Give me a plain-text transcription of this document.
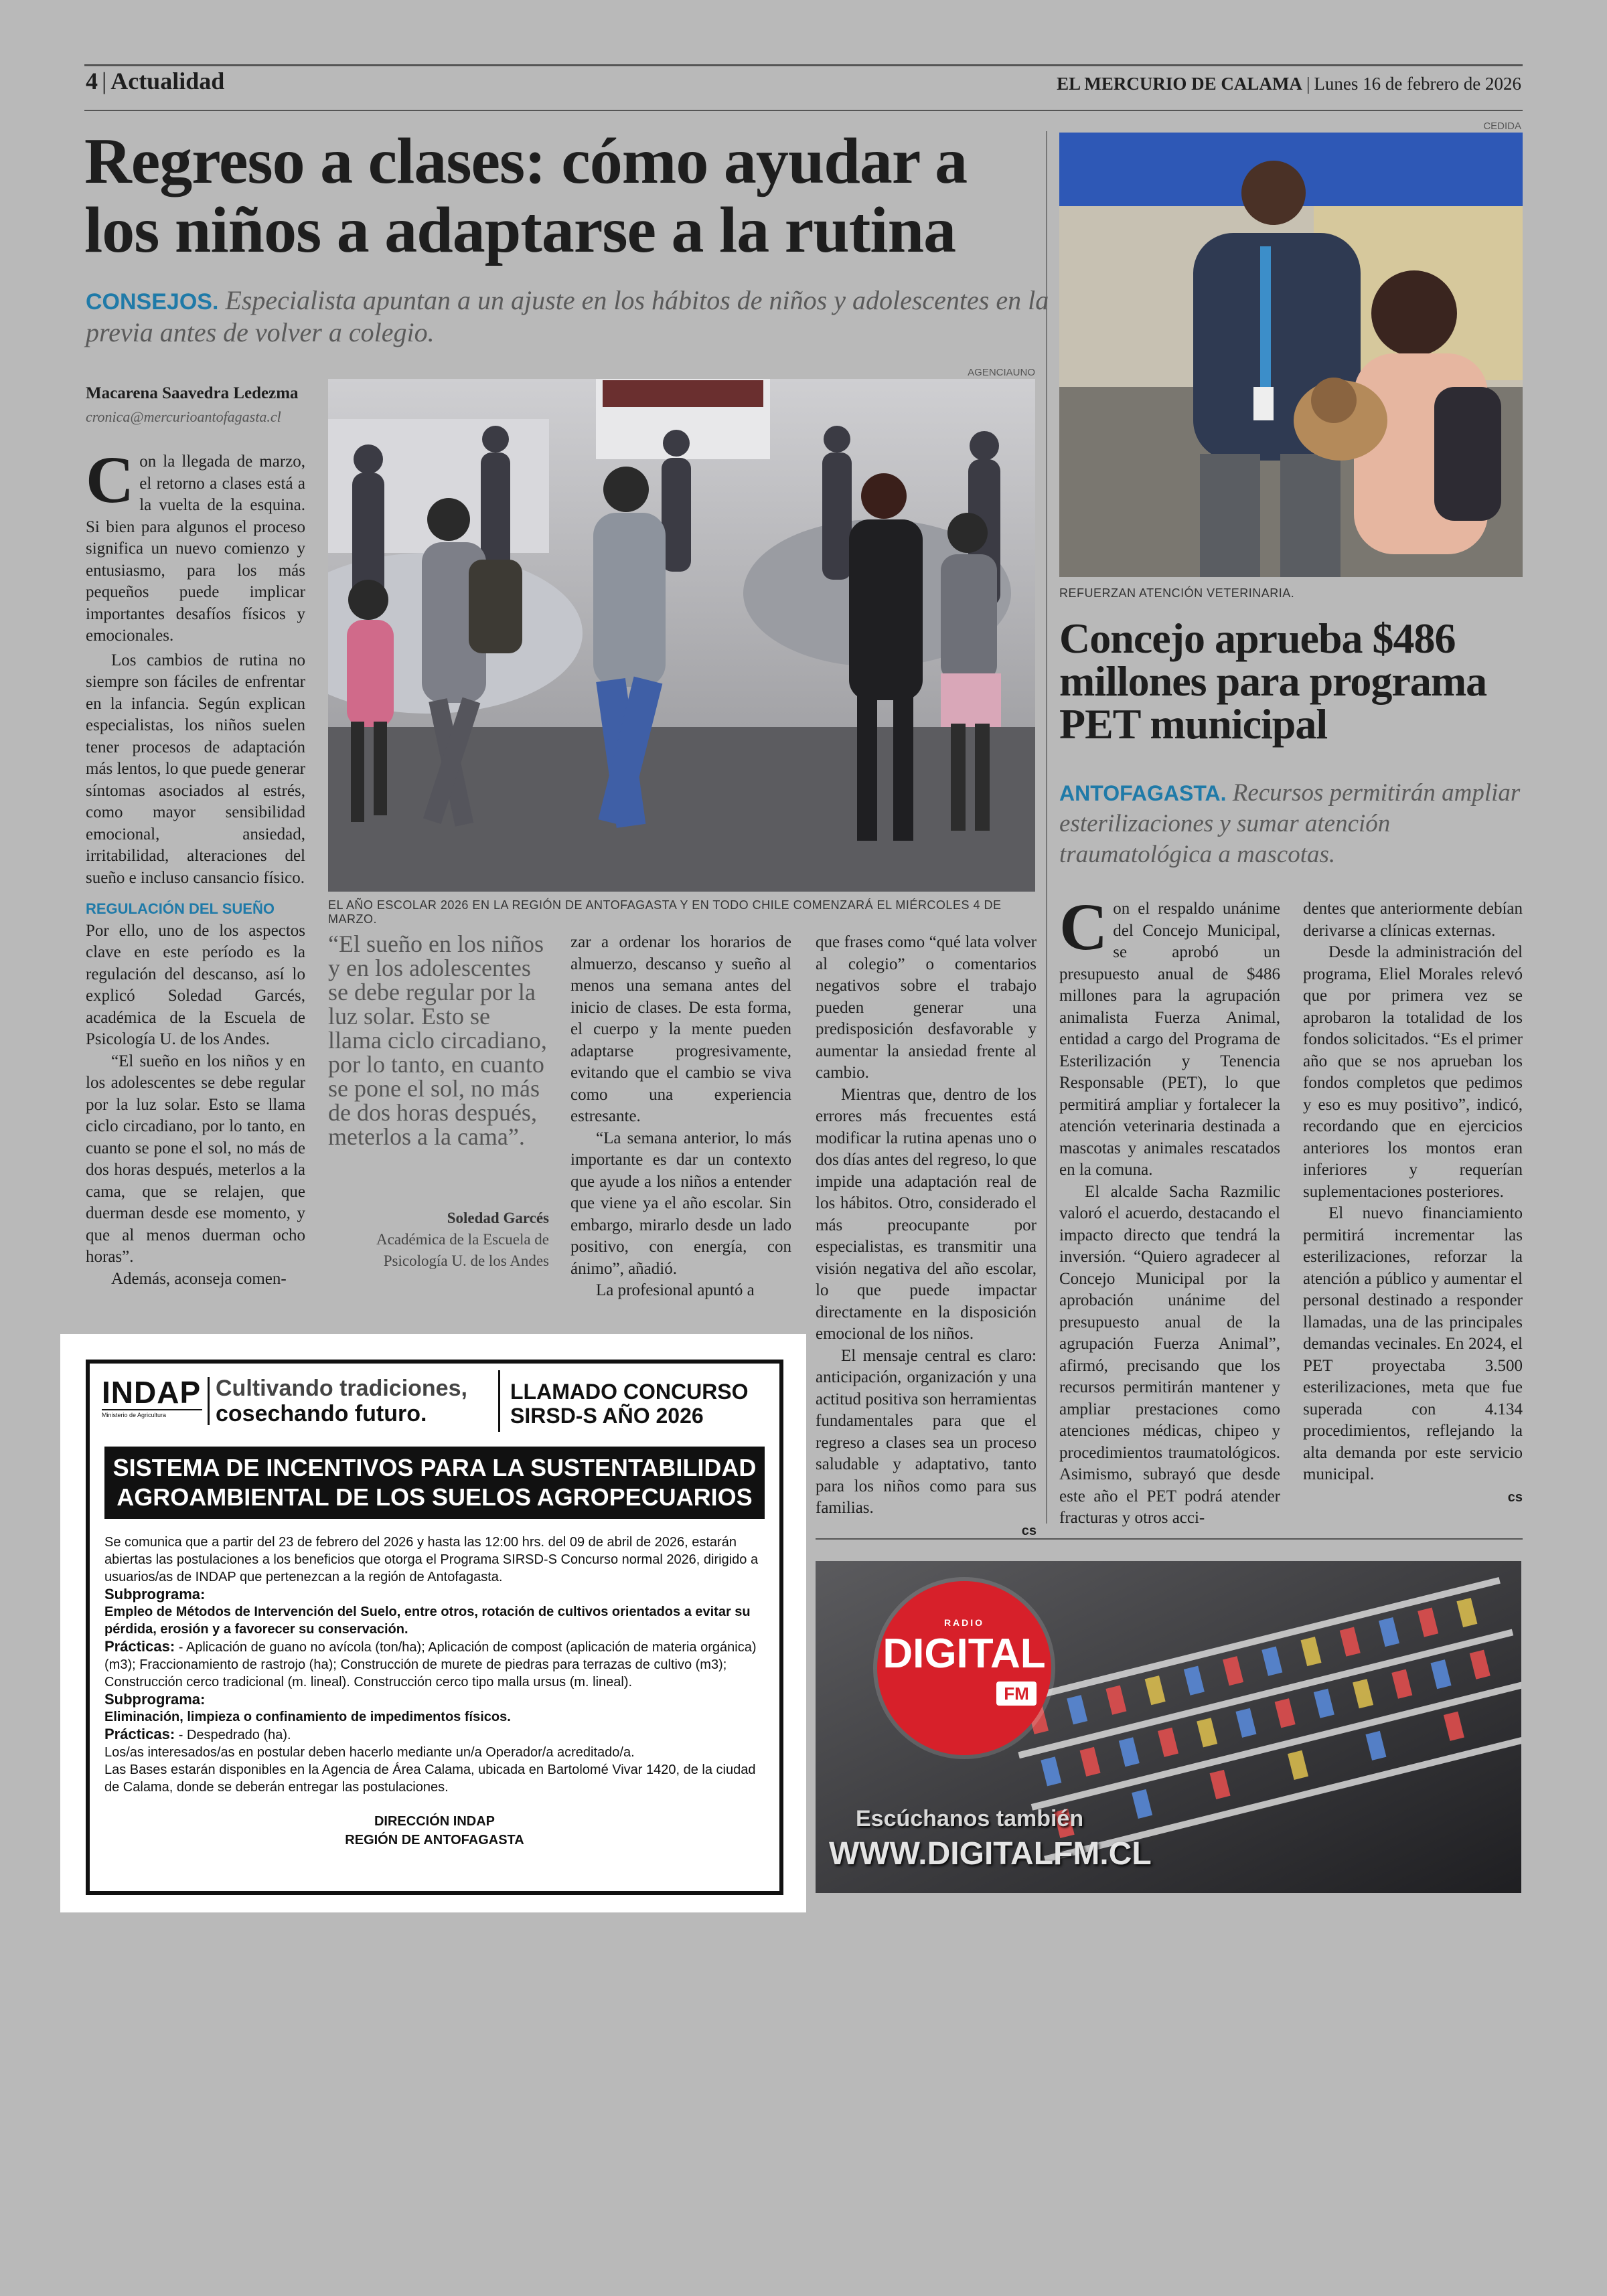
4 | Actualidad	EL MERCURIO DE CALAMA | Lunes 16 de febrero de 2026
Regreso a clases: cómo ayudar a
los niños a adaptarse a la rutina
CONSEJOS. Especialista apuntan a un ajuste en los hábitos de niños y adolescentes en la previa antes de volver a colegio.
Macarena Saavedra Ledezma
cronica@mercurioantofagasta.cl
AGENCIAUNO
EL AÑO ESCOLAR 2026 EN LA REGIÓN DE ANTOFAGASTA Y EN TODO CHILE COMENZARÁ EL MIÉRCOLES 4 DE MARZO.

Con la llegada de marzo, el retorno a clases está a la vuelta de la esquina. Si bien para algunos el proceso significa un nuevo comienzo y entusiasmo, para los más pequeños puede implicar importantes desafíos físicos y emocionales.

Los cambios de rutina no siempre son fáciles de enfrentar en la infancia. Según explican especialistas, los niños suelen tener procesos de adaptación más lentos, lo que puede generar síntomas asociados al estrés, como mayor sensibilidad emocional, ansiedad, irritabilidad, alteraciones del sueño e incluso cansancio físico.

REGULACIÓN DEL SUEÑO

Por ello, uno de los aspectos clave en este período es la regulación del descanso, así lo explicó Soledad Garcés, académica de la Escuela de Psicología U. de los Andes.

“El sueño en los niños y en los adolescentes se debe regular por la luz solar. Esto se llama ciclo circadiano, por lo tanto, en cuanto se pone el sol, no más de dos horas después, meterlos a la cama, que se relajen, que duerman desde ese momento, y que al menos duerman ocho horas”.

Además, aconseja comen-

“El sueño en los niños y en los adolescentes se debe regular por la luz solar. Esto se llama ciclo circadiano, por lo tanto, en cuanto se pone el sol, no más de dos horas después, meterlos a la cama”.
Soledad Garcés
Académica de la Escuela de Psicología U. de los Andes

zar a ordenar los horarios de almuerzo, descanso y sueño al menos una semana antes del inicio de clases. De esta forma, el cuerpo y la mente pueden adaptarse progresivamente, evitando que el cambio se viva como una experiencia estresante.

“La semana anterior, lo más importante es dar un contexto que ayude a los niños a entender que viene ya el año escolar. Sin embargo, mirarlo desde un lado positivo, con energía, con ánimo”, añadió.

La profesional apuntó a

que frases como “qué lata volver al colegio” o comentarios negativos sobre el trabajo pueden generar una predisposición desfavorable y aumentar la ansiedad frente al cambio.

Mientras que, dentro de los errores más frecuentes está modificar la rutina apenas uno o dos días antes del regreso, lo que impide una adaptación real de los hábitos. Otro, considerado el más preocupante por especialistas, es transmitir una visión negativa del año escolar, lo que puede impactar directamente en la disposición emocional de los niños.

El mensaje central es claro: anticipación, organización y una actitud positiva son herramientas fundamentales para que el regreso a clases sea un proceso saludable y adaptativo, tanto para los niños como para sus familias.

cs
CEDIDA
REFUERZAN ATENCIÓN VETERINARIA.
Concejo aprueba $486 millones para programa PET municipal
ANTOFAGASTA. Recursos permitirán ampliar esterilizaciones y sumar atención traumatológica a mascotas.

Con el respaldo unánime del Concejo Municipal, se aprobó un presupuesto anual de $486 millones para la agrupación animalista Fuerza Animal, entidad a cargo del Programa de Esterilización y Tenencia Responsable (PET), lo que permitirá ampliar y fortalecer la atención veterinaria destinada a mascotas y animales rescatados en la comuna.

El alcalde Sacha Razmilic valoró el acuerdo, destacando el impacto directo que tendrá la inversión. “Quiero agradecer al Concejo Municipal por la aprobación unánime del presupuesto anual de la agrupación Fuerza Animal”, afirmó, precisando que los recursos permitirán mantener y ampliar prestaciones como atenciones médicas, chipeo y procedimientos traumatológicos. Asimismo, subrayó que desde este año el PET podrá atender fracturas y otros acci-

dentes que anteriormente debían derivarse a clínicas externas.

Desde la administración del programa, Eliel Morales relevó que por primera vez se aprobaron la totalidad de los fondos solicitados. “Es el primer año que se nos aprueban los fondos completos que pedimos y eso es muy positivo”, indicó, recordando que en ejercicios anteriores los montos eran inferiores y requerían suplementaciones posteriores.

El nuevo financiamiento permitirá incrementar las esterilizaciones, reforzar la atención a público y aumentar el personal destinado a responder llamadas, una de las principales demandas vecinales. En 2024, el PET proyectaba 3.500 esterilizaciones, meta que fue superada con 4.134 procedimientos, reflejando la alta demanda por este servicio municipal.

cs
INDAP
Ministerio de Agricultura
Cultivando tradiciones,
cosechando futuro.
LLAMADO CONCURSO
SIRSD-S AÑO 2026
SISTEMA DE INCENTIVOS PARA LA SUSTENTABILIDAD
AGROAMBIENTAL DE LOS SUELOS AGROPECUARIOS
Se comunica que a partir del 23 de febrero del 2026 y hasta las 12:00 hrs. del 09 de abril de 2026, estarán abiertas las postulaciones a los beneficios que otorga el Programa SIRSD-S Concurso normal 2026, dirigido a usuarios/as de INDAP que pertenezcan a la región de Antofagasta.
Subprograma:
Empleo de Métodos de Intervención del Suelo, entre otros, rotación de cultivos orientados a evitar su pérdida, erosión y a favorecer su conservación.
Prácticas: - Aplicación de guano no avícola (ton/ha); Aplicación de compost (aplicación de materia orgánica) (m3); Fraccionamiento de rastrojo (ha); Construcción de murete de piedras para terrazas de cultivo (m3); Construcción cerco tradicional (m. lineal). Construcción cerco tipo malla ursus (m. lineal).
Subprograma:
Eliminación, limpieza o confinamiento de impedimentos físicos.
Prácticas: - Despedrado (ha).
Los/as interesados/as en postular deben hacerlo mediante un/a Operador/a acreditado/a.
Las Bases estarán disponibles en la Agencia de Área Calama, ubicada en Bartolomé Vivar 1420, de la ciudad de Calama, donde se deberán entregar las postulaciones.
DIRECCIÓN INDAP
REGIÓN DE ANTOFAGASTA
RADIO
DIGITAL
FM
Escúchanos también
WWW.DIGITALFM.CL
